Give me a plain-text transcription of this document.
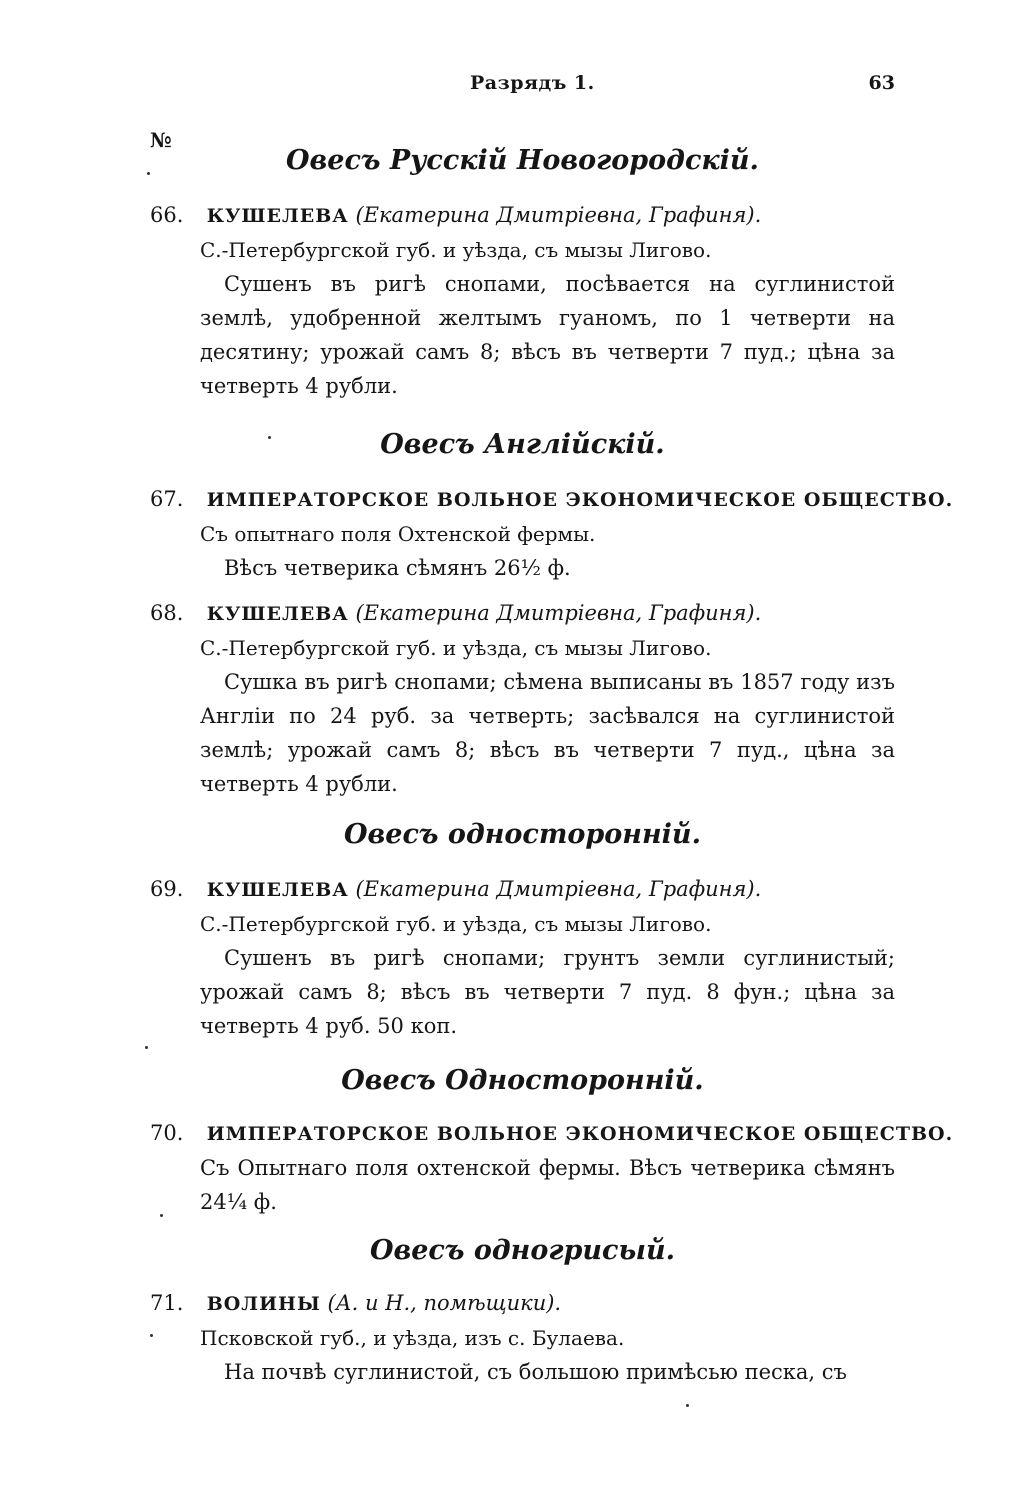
Разрядъ 1.	63
№
Овесъ Русскій Новогородскій.
66. КУШЕЛЕВА (Екатерина Дмитріевна, Графиня).
С.-Петербургской губ. и уѣзда, съ мызы Лигово.
Сушенъ въ ригѣ снопами, посѣвается на суглинистой землѣ, удобренной желтымъ гуаномъ, по 1 четверти на десятину; урожай самъ 8; вѣсъ въ четверти 7 пуд.; цѣна за четверть 4 рубли.
Овесъ Англійскій.
67. ИМПЕРАТОРСКОЕ ВОЛЬНОЕ ЭКОНОМИЧЕСКОЕ ОБЩЕСТВО.
Съ опытнаго поля Охтенской фермы.
Вѣсъ четверика сѣмянъ 26½ ф.
68. КУШЕЛЕВА (Екатерина Дмитріевна, Графиня).
С.-Петербургской губ. и уѣзда, съ мызы Лигово.
Сушка въ ригѣ снопами; сѣмена выписаны въ 1857 году изъ Англіи по 24 руб. за четверть; засѣвался на суглинистой землѣ; урожай самъ 8; вѣсъ въ четверти 7 пуд., цѣна за четверть 4 рубли.
Овесъ односторонній.
69. КУШЕЛЕВА (Екатерина Дмитріевна, Графиня).
С.-Петербургской губ. и уѣзда, съ мызы Лигово.
Сушенъ въ ригѣ снопами; грунтъ земли суглинистый; урожай самъ 8; вѣсъ въ четверти 7 пуд. 8 фун.; цѣна за четверть 4 руб. 50 коп.
Овесъ Односторонній.
70. ИМПЕРАТОРСКОЕ ВОЛЬНОЕ ЭКОНОМИЧЕСКОЕ ОБЩЕСТВО.
Съ Опытнаго поля охтенской фермы. Вѣсъ четверика сѣмянъ 24¼ ф.
Овесъ одногрисый.
71. ВОЛИНЫ (А. и Н., помѣщики).
Псковской губ., и уѣзда, изъ с. Булаева.
На почвѣ суглинистой, съ большою примѣсью песка, съ
